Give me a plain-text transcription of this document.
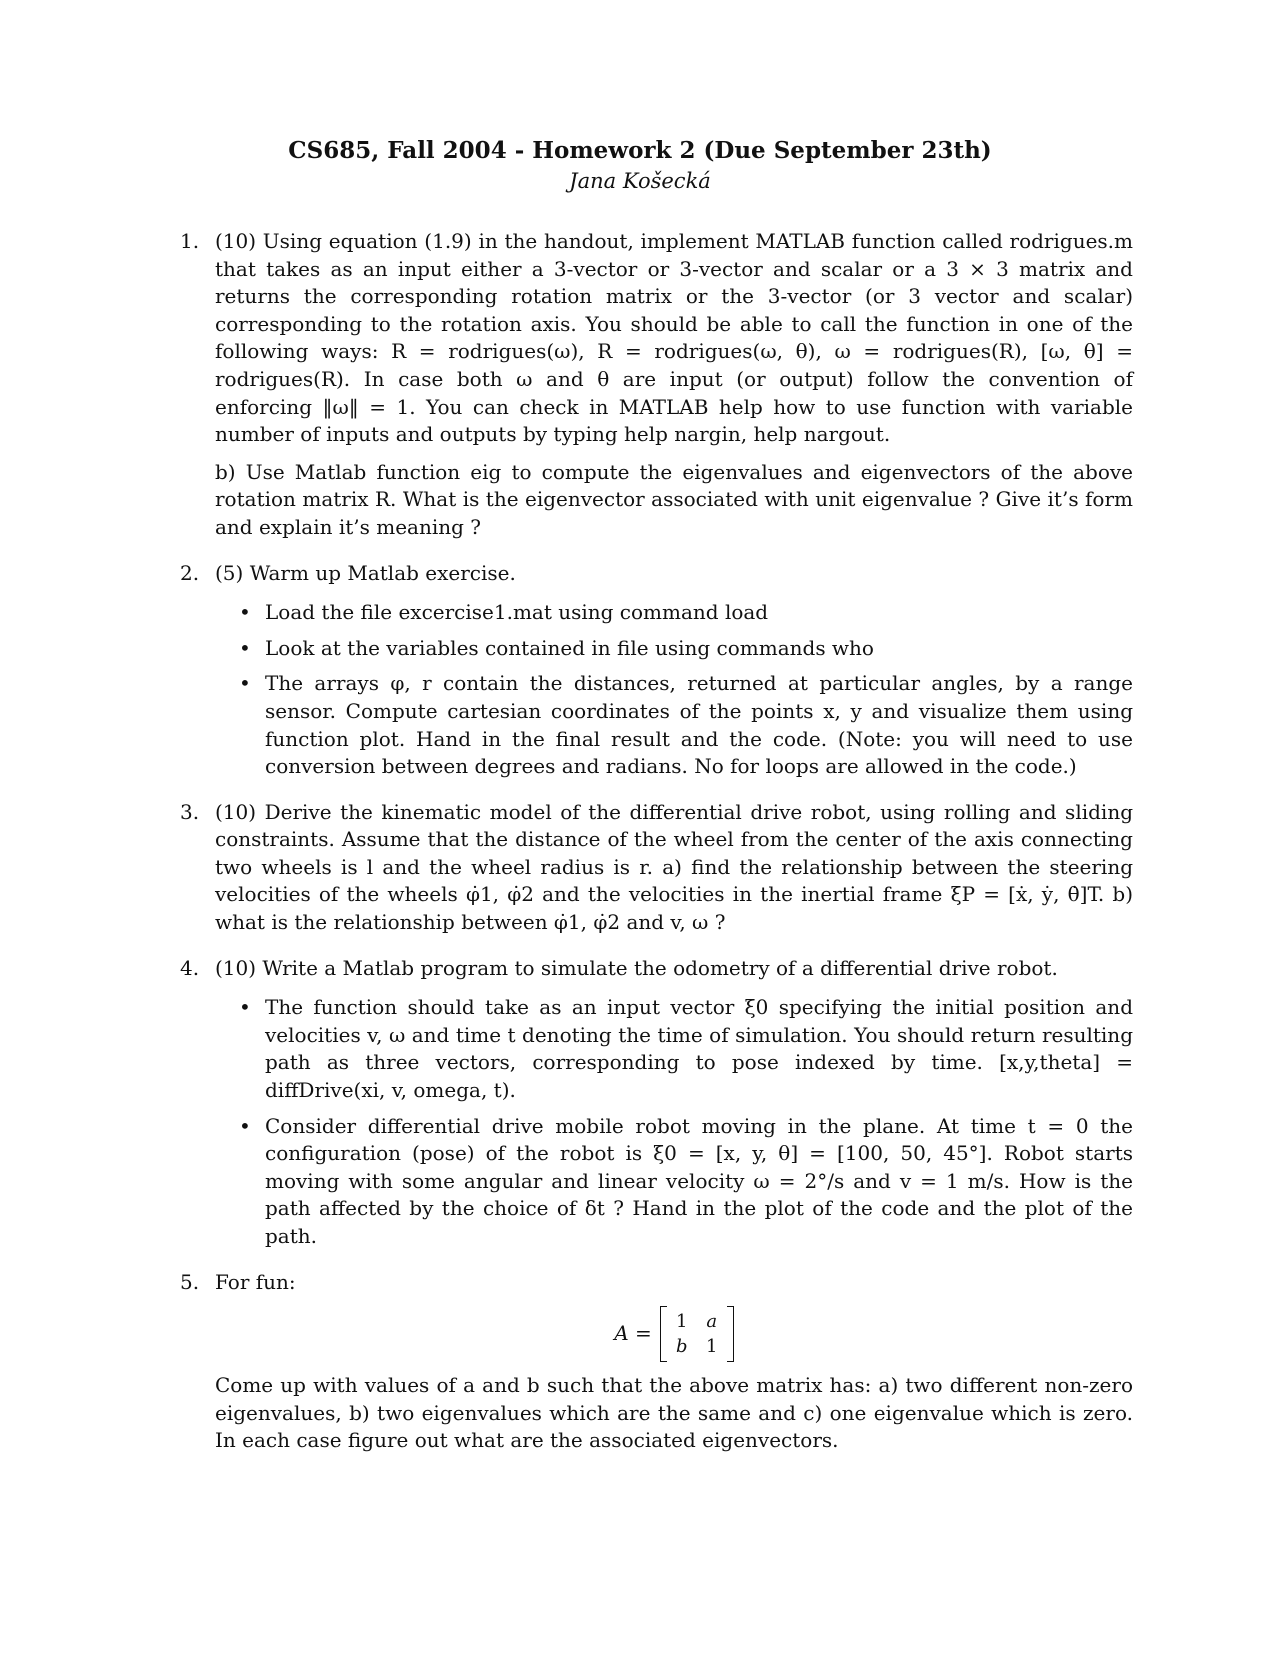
CS685, Fall 2004 - Homework 2 (Due September 23th)
Jana Košecká
1. (10) Using equation (1.9) in the handout, implement MATLAB function called rodrigues.m that takes as an input either a 3-vector or 3-vector and scalar or a 3 × 3 matrix and returns the corresponding rotation matrix or the 3-vector (or 3 vector and scalar) corresponding to the rotation axis. You should be able to call the function in one of the following ways: R = rodrigues(ω), R = rodrigues(ω, θ), ω = rodrigues(R), [ω, θ] = rodrigues(R). In case both ω and θ are input (or output) follow the convention of enforcing ‖ω‖ = 1. You can check in MATLAB help how to use function with variable number of inputs and outputs by typing help nargin, help nargout.

b) Use Matlab function eig to compute the eigenvalues and eigenvectors of the above rotation matrix R. What is the eigenvector associated with unit eigenvalue ? Give it’s form and explain it’s meaning ?

2. (5) Warm up Matlab exercise.

• Load the file excercise1.mat using command load
• Look at the variables contained in file using commands who
• The arrays φ, r contain the distances, returned at particular angles, by a range sensor. Compute cartesian coordinates of the points x, y and visualize them using function plot. Hand in the final result and the code. (Note: you will need to use conversion between degrees and radians. No for loops are allowed in the code.)
3. (10) Derive the kinematic model of the differential drive robot, using rolling and sliding constraints. Assume that the distance of the wheel from the center of the axis connecting two wheels is l and the wheel radius is r. a) find the relationship between the steering velocities of the wheels φ̇1, φ̇2 and the velocities in the inertial frame ξP = [ẋ, ẏ, θ̇]T. b) what is the relationship between φ̇1, φ̇2 and v, ω ?

4. (10) Write a Matlab program to simulate the odometry of a differential drive robot.

• The function should take as an input vector ξ0 specifying the initial position and velocities v, ω and time t denoting the time of simulation. You should return resulting path as three vectors, corresponding to pose indexed by time. [x,y,theta] = diffDrive(xi, v, omega, t).
• Consider differential drive mobile robot moving in the plane. At time t = 0 the configuration (pose) of the robot is ξ0 = [x, y, θ] = [100, 50, 45°]. Robot starts moving with some angular and linear velocity ω = 2°/s and v = 1 m/s. How is the path affected by the choice of δt ? Hand in the plot of the code and the plot of the path.
5. For fun:

A =	1	a
b	1

Come up with values of a and b such that the above matrix has: a) two different non-zero eigenvalues, b) two eigenvalues which are the same and c) one eigenvalue which is zero. In each case figure out what are the associated eigenvectors.
